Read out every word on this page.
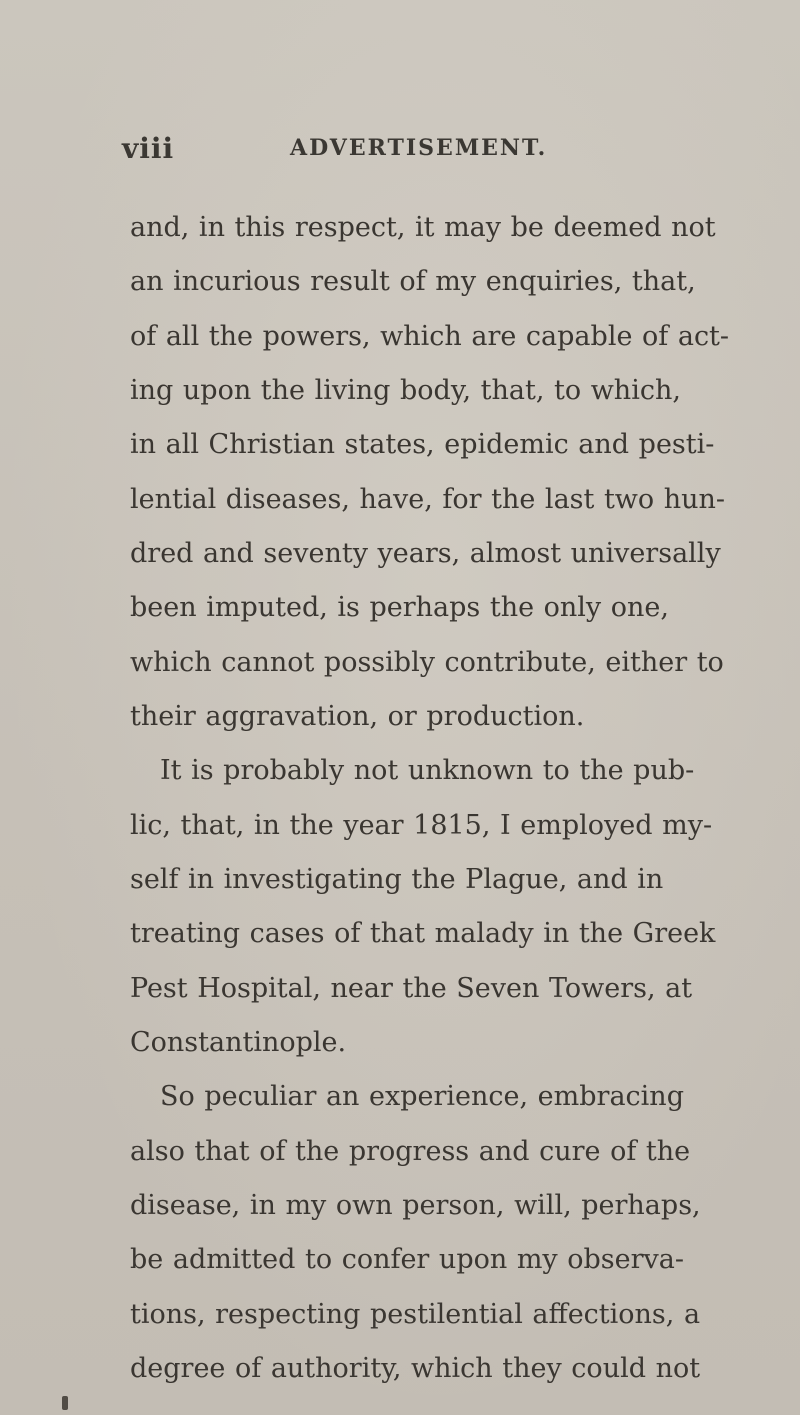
viii	ADVERTISEMENT.
and, in this respect, it may be deemed not
an incurious result of my enquiries, that,
of all the powers, which are capable of act-
ing upon the living body, that, to which,
in all Christian states, epidemic and pesti-
lential diseases, have, for the last two hun-
dred and seventy years, almost universally
been imputed, is perhaps the only one,
which cannot possibly contribute, either to
their aggravation, or production.
It is probably not unknown to the pub-
lic, that, in the year 1815, I employed my-
self in investigating the Plague, and in
treating cases of that malady in the Greek
Pest Hospital, near the Seven Towers, at
Constantinople.
So peculiar an experience, embracing
also that of the progress and cure of the
disease, in my own person, will, perhaps,
be admitted to confer upon my observa-
tions, respecting pestilential affections, a
degree of authority, which they could not
